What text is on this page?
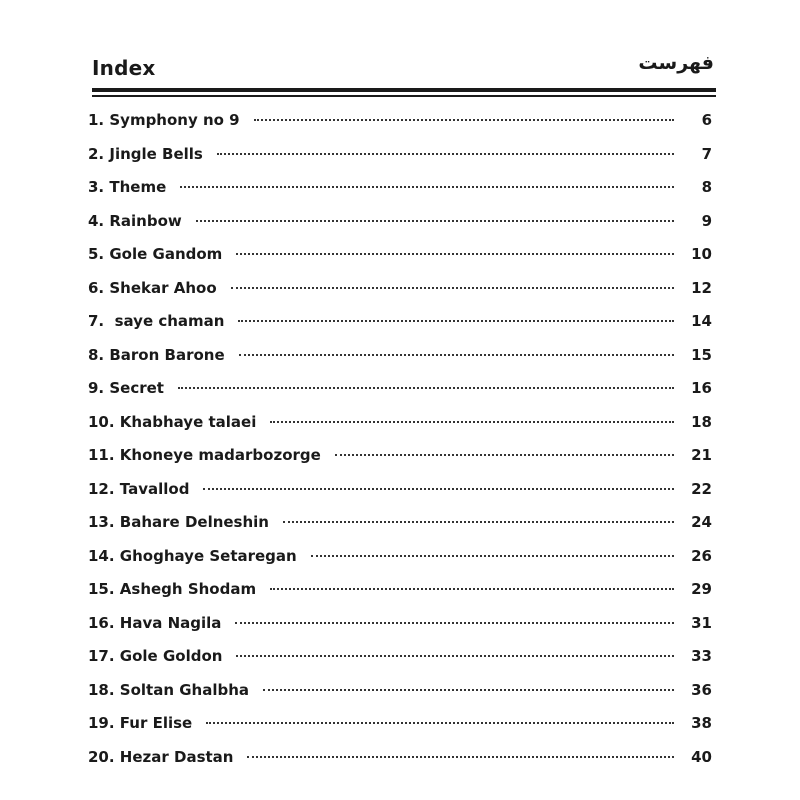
Index	فهرست
1. Symphony no 9	6
2. Jingle Bells	7
3. Theme	8
4. Rainbow	9
5. Gole Gandom	10
6. Shekar Ahoo	12
7.  saye chaman	14
8. Baron Barone	15
9. Secret	16
10. Khabhaye talaei	18
11. Khoneye madarbozorge	21
12. Tavallod	22
13. Bahare Delneshin	24
14. Ghoghaye Setaregan	26
15. Ashegh Shodam	29
16. Hava Nagila	31
17. Gole Goldon	33
18. Soltan Ghalbha	36
19. Fur Elise	38
20. Hezar Dastan	40
